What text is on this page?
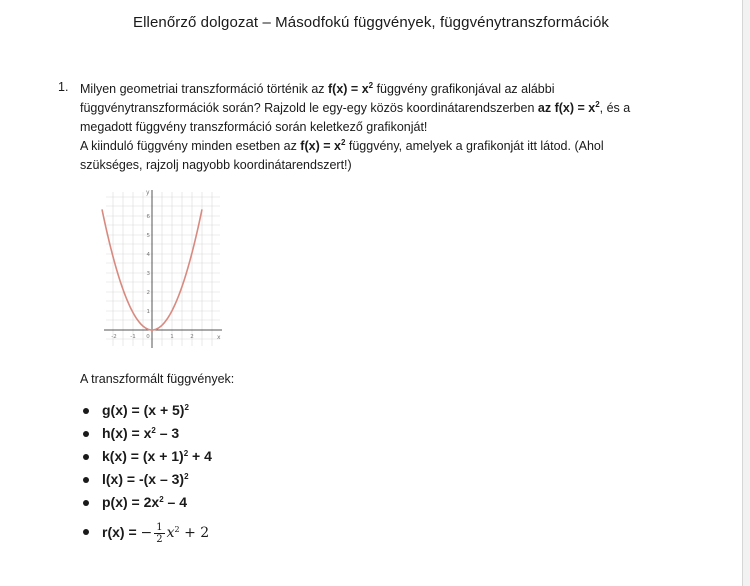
Ellenőrző dolgozat – Másodfokú függvények, függvénytranszformációk
1. Milyen geometriai transzformáció történik az $f(x) = x^2$ függvény grafikonjával az alábbi

függvénytranszformációk során? Rajzold le egy-egy közös koordinátarendszerben az $f(x) = x^2$, és a

megadott függvény transzformáció során keletkező grafikonját!

A kiinduló függvény minden esetben az $f(x) = x^2$ függvény, amelyek a grafikonját itt látod. (Ahol

szükséges, rajzolj nagyobb koordinátarendszert!)

y
x
-2 -1 0	1	2
1
2
3
4
5
6
A transzformált függvények:
$g(x) = (x + 5)^2$
$h(x) = x^2 - 3$
$k(x) = (x + 1)^2 + 4$
l(x) = -(x – 3)$^2$
$p(x) = 2x^2 - 4$
r(x) = − $\frac{1}{2} x^2 + 2$
